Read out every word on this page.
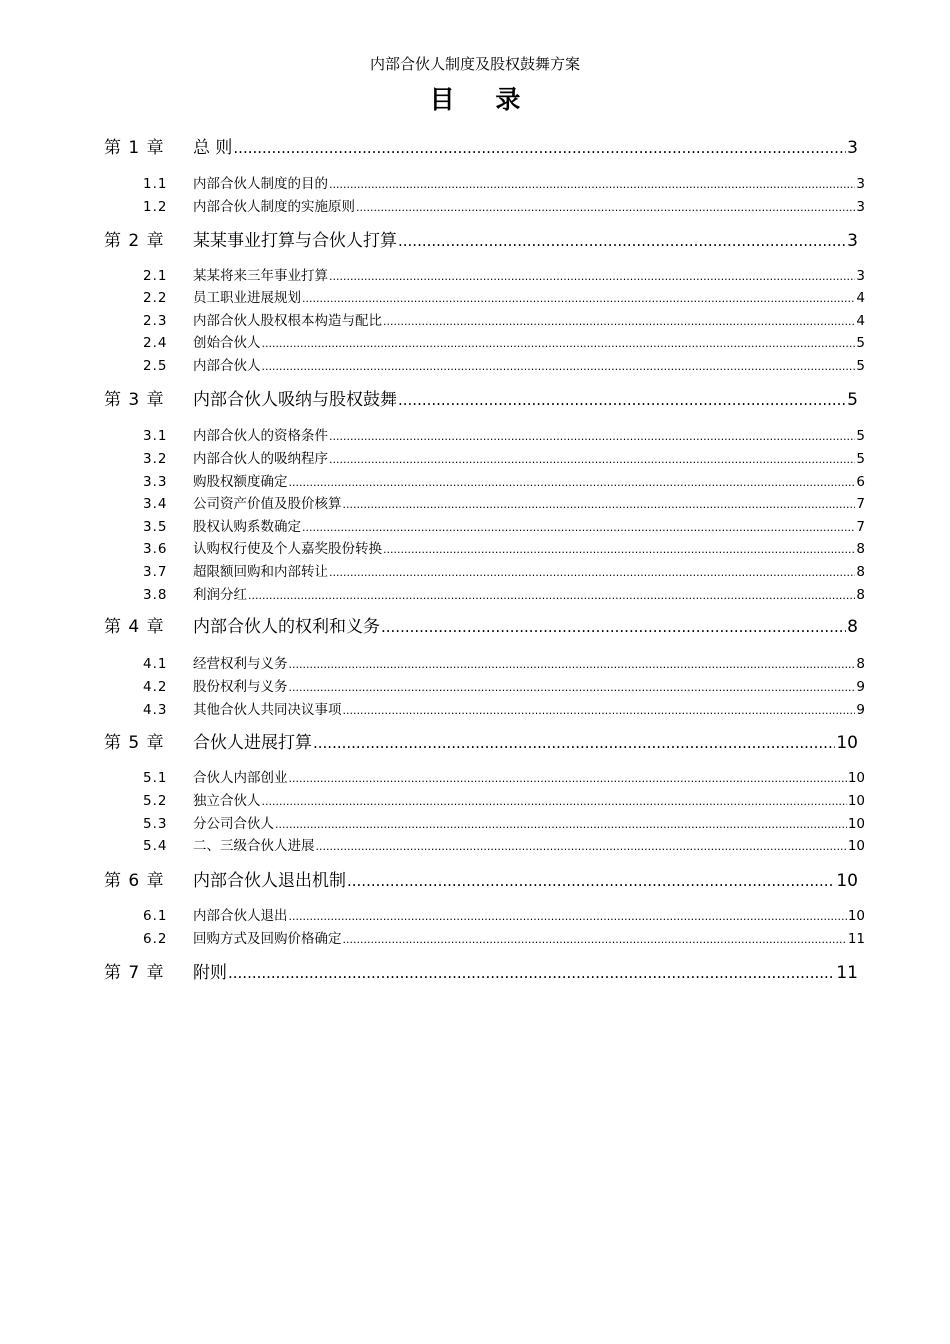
内部合伙人制度及股权鼓舞方案
目 录
第 1 章	总 则 .....	3
1.1	内部合伙人制度的目的 .....	3
1.2	内部合伙人制度的实施原则 .....	3
第 2 章	某某事业打算与合伙人打算 .....	3
2.1	某某将来三年事业打算 .....	3
2.2	员工职业进展规划 .....	4
2.3	内部合伙人股权根本构造与配比 .....	4
2.4	创始合伙人 .....	5
2.5	内部合伙人 .....	5
第 3 章	内部合伙人吸纳与股权鼓舞 .....	5
3.1	内部合伙人的资格条件 .....	5
3.2	内部合伙人的吸纳程序 .....	5
3.3	购股权额度确定 .....	6
3.4	公司资产价值及股价核算 .....	7
3.5	股权认购系数确定 .....	7
3.6	认购权行使及个人嘉奖股份转换 .....	8
3.7	超限额回购和内部转让 .....	8
3.8	利润分红 .....	8
第 4 章	内部合伙人的权利和义务 .....	8
4.1	经营权利与义务 .....	8
4.2	股份权利与义务 .....	9
4.3	其他合伙人共同决议事项 .....	9
第 5 章	合伙人进展打算 .....	10
5.1	合伙人内部创业 .....	10
5.2	独立合伙人 .....	10
5.3	分公司合伙人 .....	10
5.4	二、三级合伙人进展 .....	10
第 6 章	内部合伙人退出机制 .....	10
6.1	内部合伙人退出 .....	10
6.2	回购方式及回购价格确定 .....	11
第 7 章	附则 .....	11
